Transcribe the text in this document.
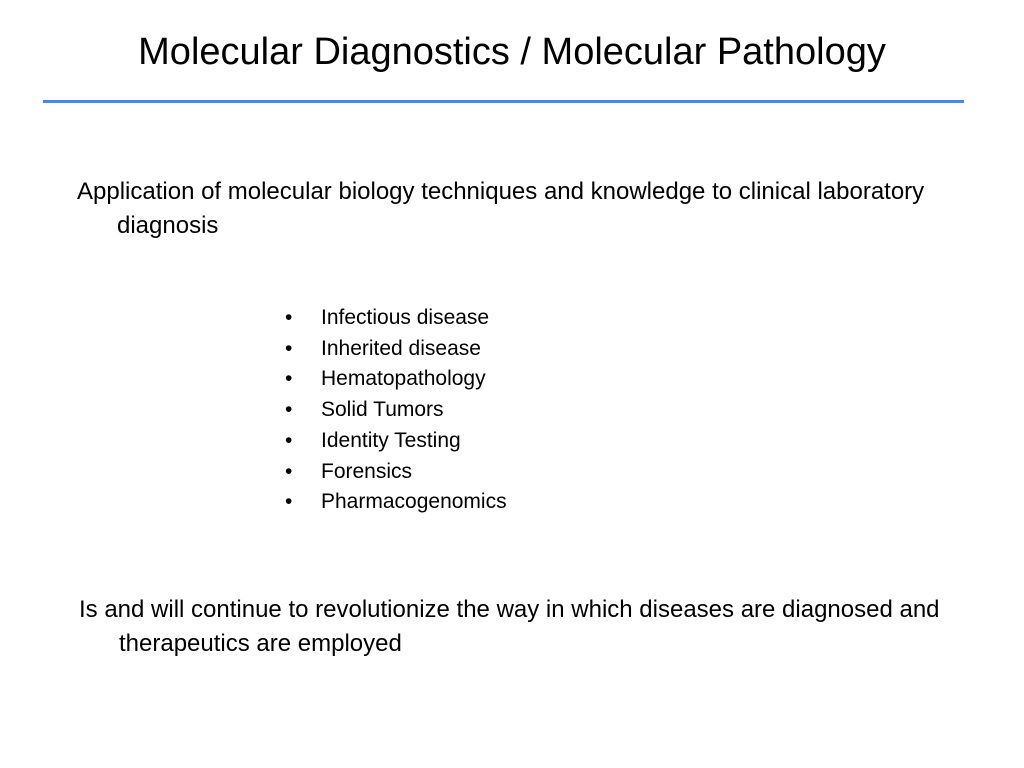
Molecular Diagnostics / Molecular Pathology

Application of molecular biology techniques and knowledge to clinical laboratory diagnosis

• Infectious disease
• Inherited disease
• Hematopathology
• Solid Tumors
• Identity Testing
• Forensics
• Pharmacogenomics

Is and will continue to revolutionize the way in which diseases are diagnosed and therapeutics are employed
